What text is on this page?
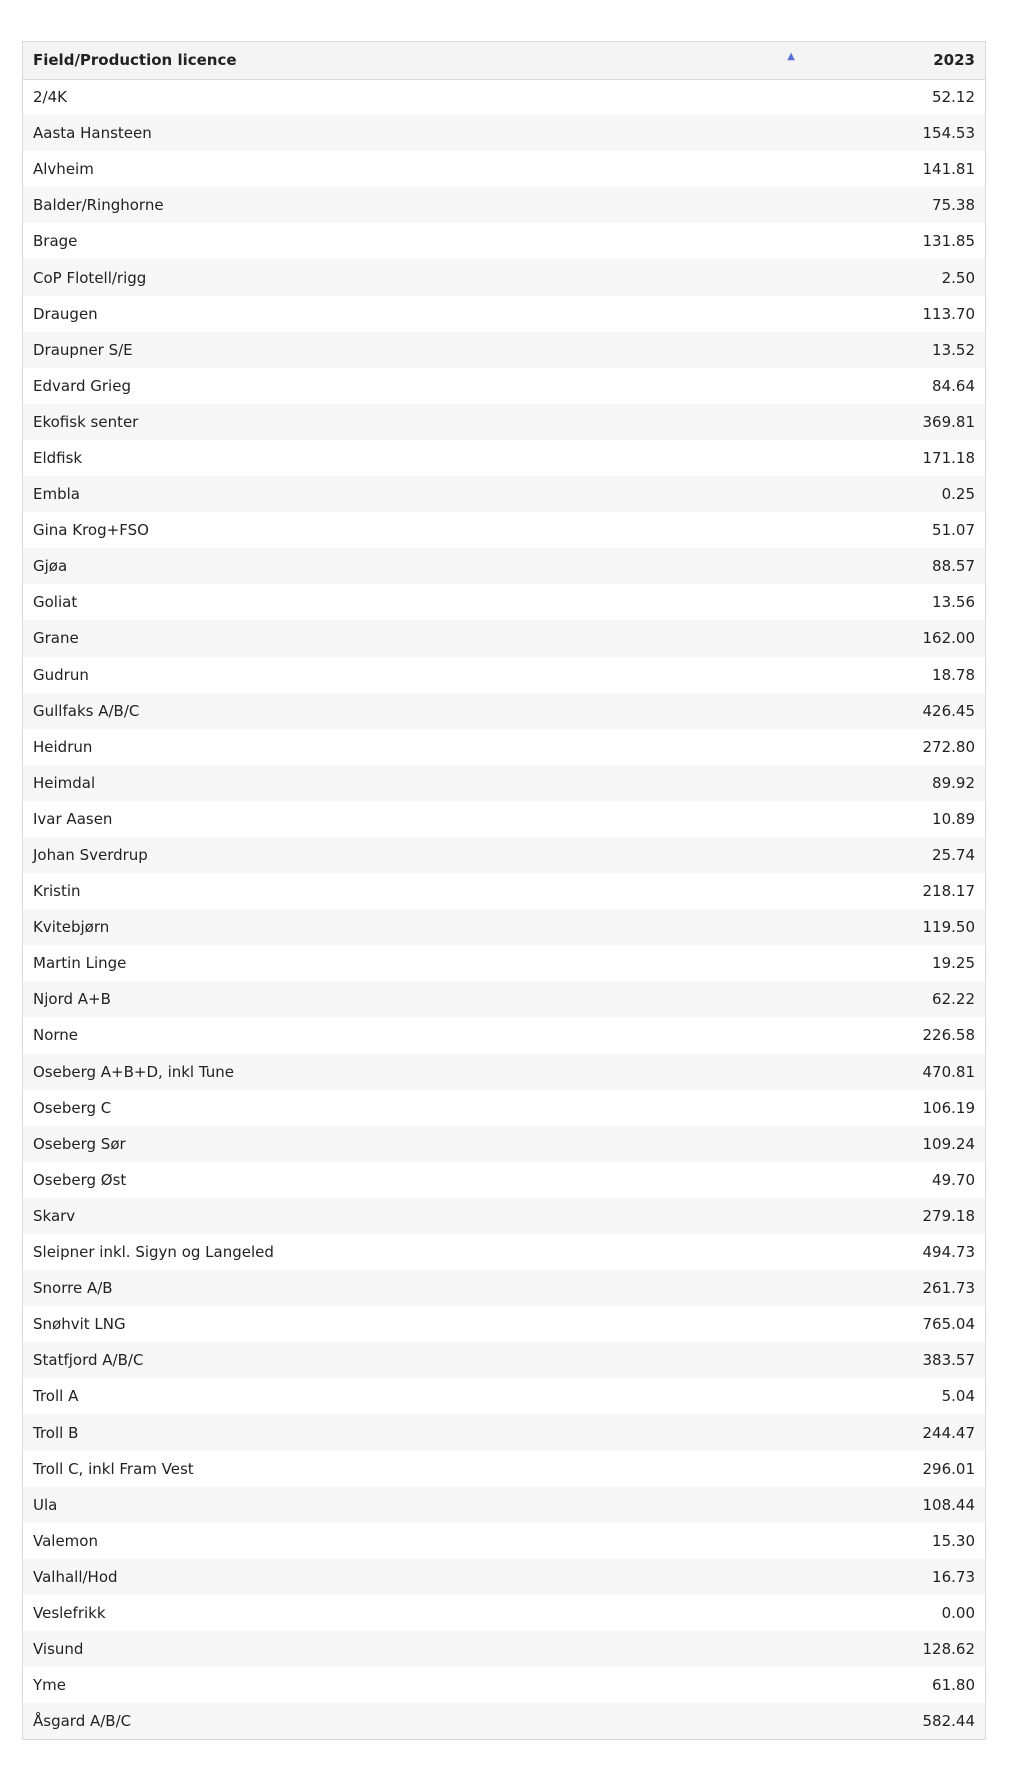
Field/Production licence ▲	2023
2/4K	52.12
Aasta Hansteen	154.53
Alvheim	141.81
Balder/Ringhorne	75.38
Brage	131.85
CoP Flotell/rigg	2.50
Draugen	113.70
Draupner S/E	13.52
Edvard Grieg	84.64
Ekofisk senter	369.81
Eldfisk	171.18
Embla	0.25
Gina Krog+FSO	51.07
Gjøa	88.57
Goliat	13.56
Grane	162.00
Gudrun	18.78
Gullfaks A/B/C	426.45
Heidrun	272.80
Heimdal	89.92
Ivar Aasen	10.89
Johan Sverdrup	25.74
Kristin	218.17
Kvitebjørn	119.50
Martin Linge	19.25
Njord A+B	62.22
Norne	226.58
Oseberg A+B+D, inkl Tune	470.81
Oseberg C	106.19
Oseberg Sør	109.24
Oseberg Øst	49.70
Skarv	279.18
Sleipner inkl. Sigyn og Langeled	494.73
Snorre A/B	261.73
Snøhvit LNG	765.04
Statfjord A/B/C	383.57
Troll A	5.04
Troll B	244.47
Troll C, inkl Fram Vest	296.01
Ula	108.44
Valemon	15.30
Valhall/Hod	16.73
Veslefrikk	0.00
Visund	128.62
Yme	61.80
Åsgard A/B/C	582.44
